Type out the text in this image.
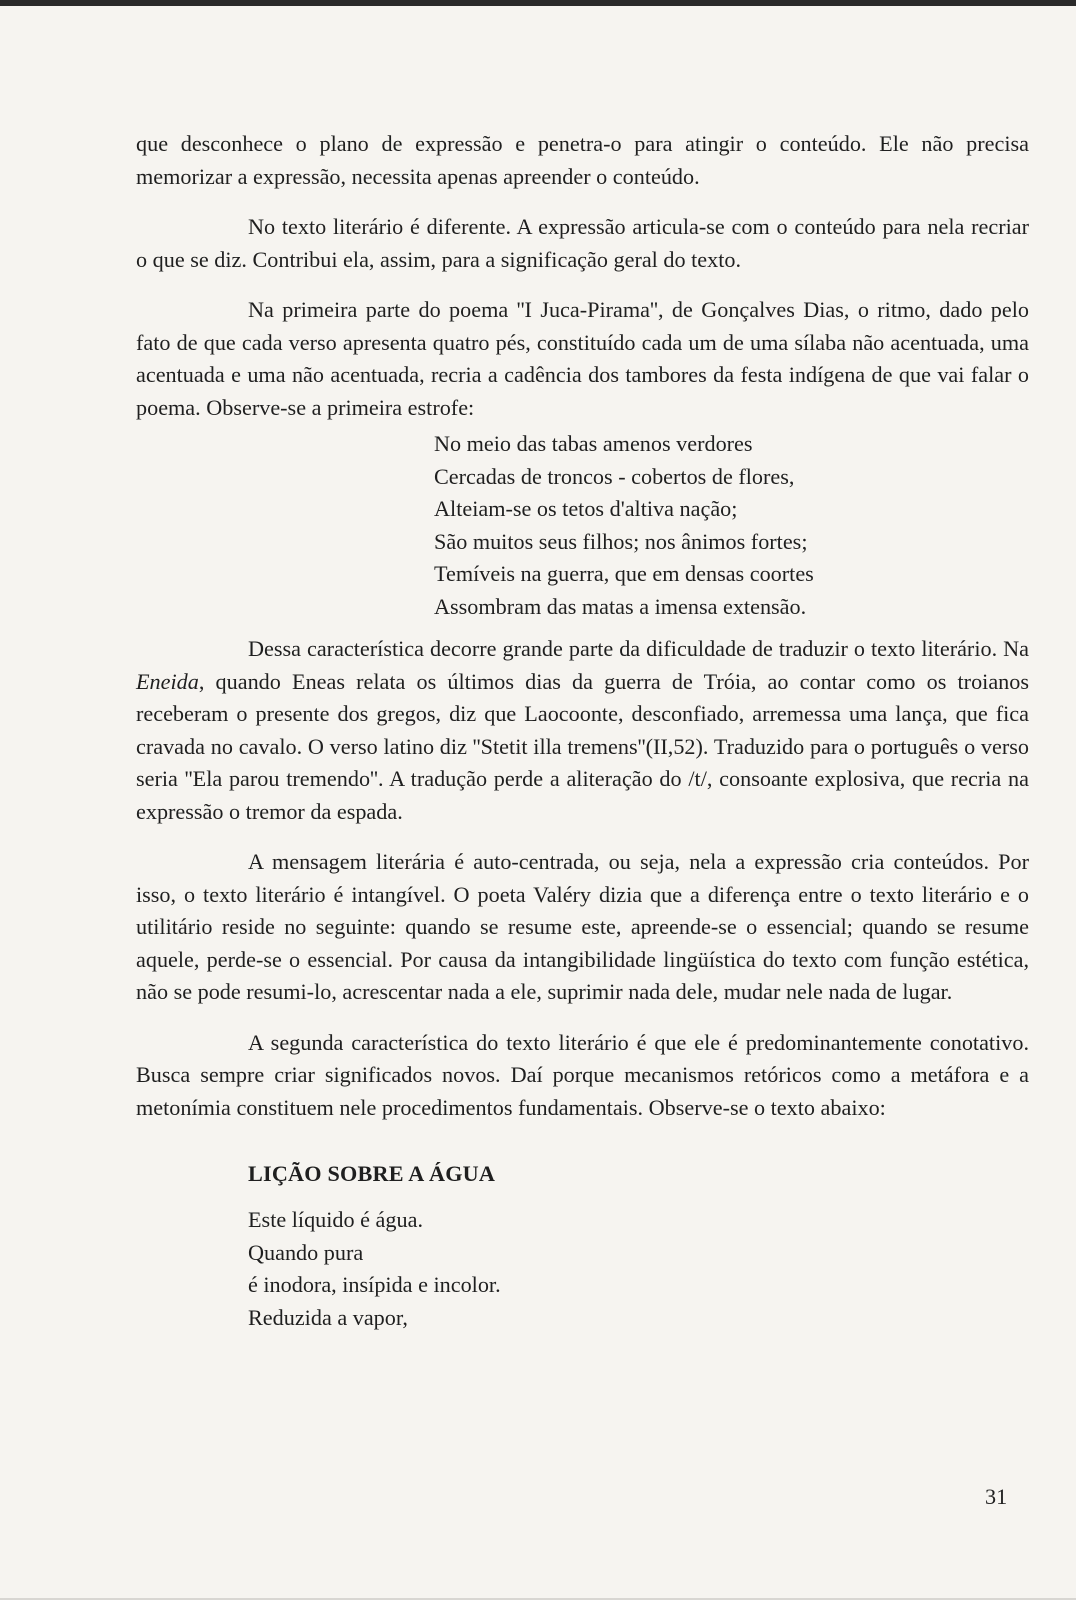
que desconhece o plano de expressão e penetra-o para atingir o conteúdo. Ele não precisa memorizar a expressão, necessita apenas apreender o conteúdo.

No texto literário é diferente. A expressão articula-se com o conteúdo para nela recriar o que se diz. Contribui ela, assim, para a significação geral do texto.

Na primeira parte do poema ''I Juca-Pirama'', de Gonçalves Dias, o ritmo, dado pelo fato de que cada verso apresenta quatro pés, constituído cada um de uma sílaba não acentuada, uma acentuada e uma não acentuada, recria a cadência dos tambores da festa indígena de que vai falar o poema. Observe-se a primeira estrofe:

No meio das tabas amenos verdores
Cercadas de troncos - cobertos de flores,
Alteiam-se os tetos d'altiva nação;
São muitos seus filhos; nos ânimos fortes;
Temíveis na guerra, que em densas coortes
Assombram das matas a imensa extensão.

Dessa característica decorre grande parte da dificuldade de traduzir o texto literário. Na Eneida, quando Eneas relata os últimos dias da guerra de Tróia, ao contar como os troianos receberam o presente dos gregos, diz que Laocoonte, desconfiado, arremessa uma lança, que fica cravada no cavalo. O verso latino diz ''Stetit illa tremens''(II,52). Traduzido para o português o verso seria ''Ela parou tremendo''. A tradução perde a aliteração do /t/, consoante explosiva, que recria na expressão o tremor da espada.

A mensagem literária é auto-centrada, ou seja, nela a expressão cria conteúdos. Por isso, o texto literário é intangível. O poeta Valéry dizia que a diferença entre o texto literário e o utilitário reside no seguinte: quando se resume este, apreende-se o essencial; quando se resume aquele, perde-se o essencial. Por causa da intangibilidade lingüística do texto com função estética, não se pode resumi-lo, acrescentar nada a ele, suprimir nada dele, mudar nele nada de lugar.

A segunda característica do texto literário é que ele é predominantemente conotativo. Busca sempre criar significados novos. Daí porque mecanismos retóricos como a metáfora e a metonímia constituem nele procedimentos fundamentais. Observe-se o texto abaixo:

LIÇÃO SOBRE A ÁGUA
Este líquido é água.
Quando pura
é inodora, insípida e incolor.
Reduzida a vapor,
31
